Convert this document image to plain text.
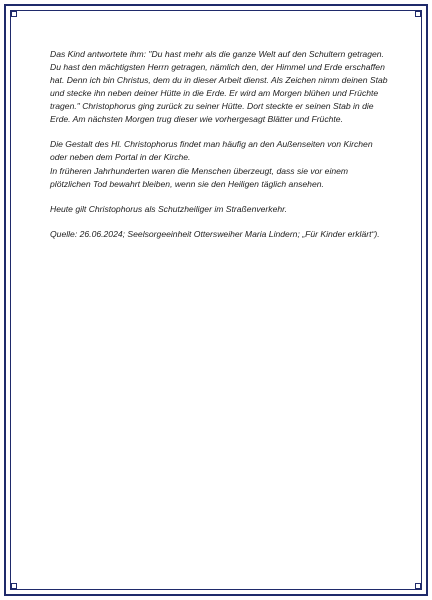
Das Kind antwortete ihm: "Du hast mehr als die ganze Welt auf den Schultern getragen. Du hast den mächtigsten Herrn getragen, nämlich den, der Himmel und Erde erschaffen hat. Denn ich bin Christus, dem du in dieser Arbeit dienst. Als Zeichen nimm deinen Stab und stecke ihn neben deiner Hütte in die Erde. Er wird am Morgen blühen und Früchte tragen." Christophorus ging zurück zu seiner Hütte. Dort steckte er seinen Stab in die Erde. Am nächsten Morgen trug dieser wie vorhergesagt Blätter und Früchte.

Die Gestalt des Hl. Christophorus findet man häufig an den Außenseiten von Kirchen oder neben dem Portal in der Kirche.
In früheren Jahrhunderten waren die Menschen überzeugt, dass sie vor einem plötzlichen Tod bewahrt bleiben, wenn sie den Heiligen täglich ansehen.

Heute gilt Christophorus als Schutzheiliger im Straßenverkehr.

Quelle: 26.06.2024; Seelsorgeeinheit Ottersweiher Maria Lindern; „Für Kinder erklärt“).
